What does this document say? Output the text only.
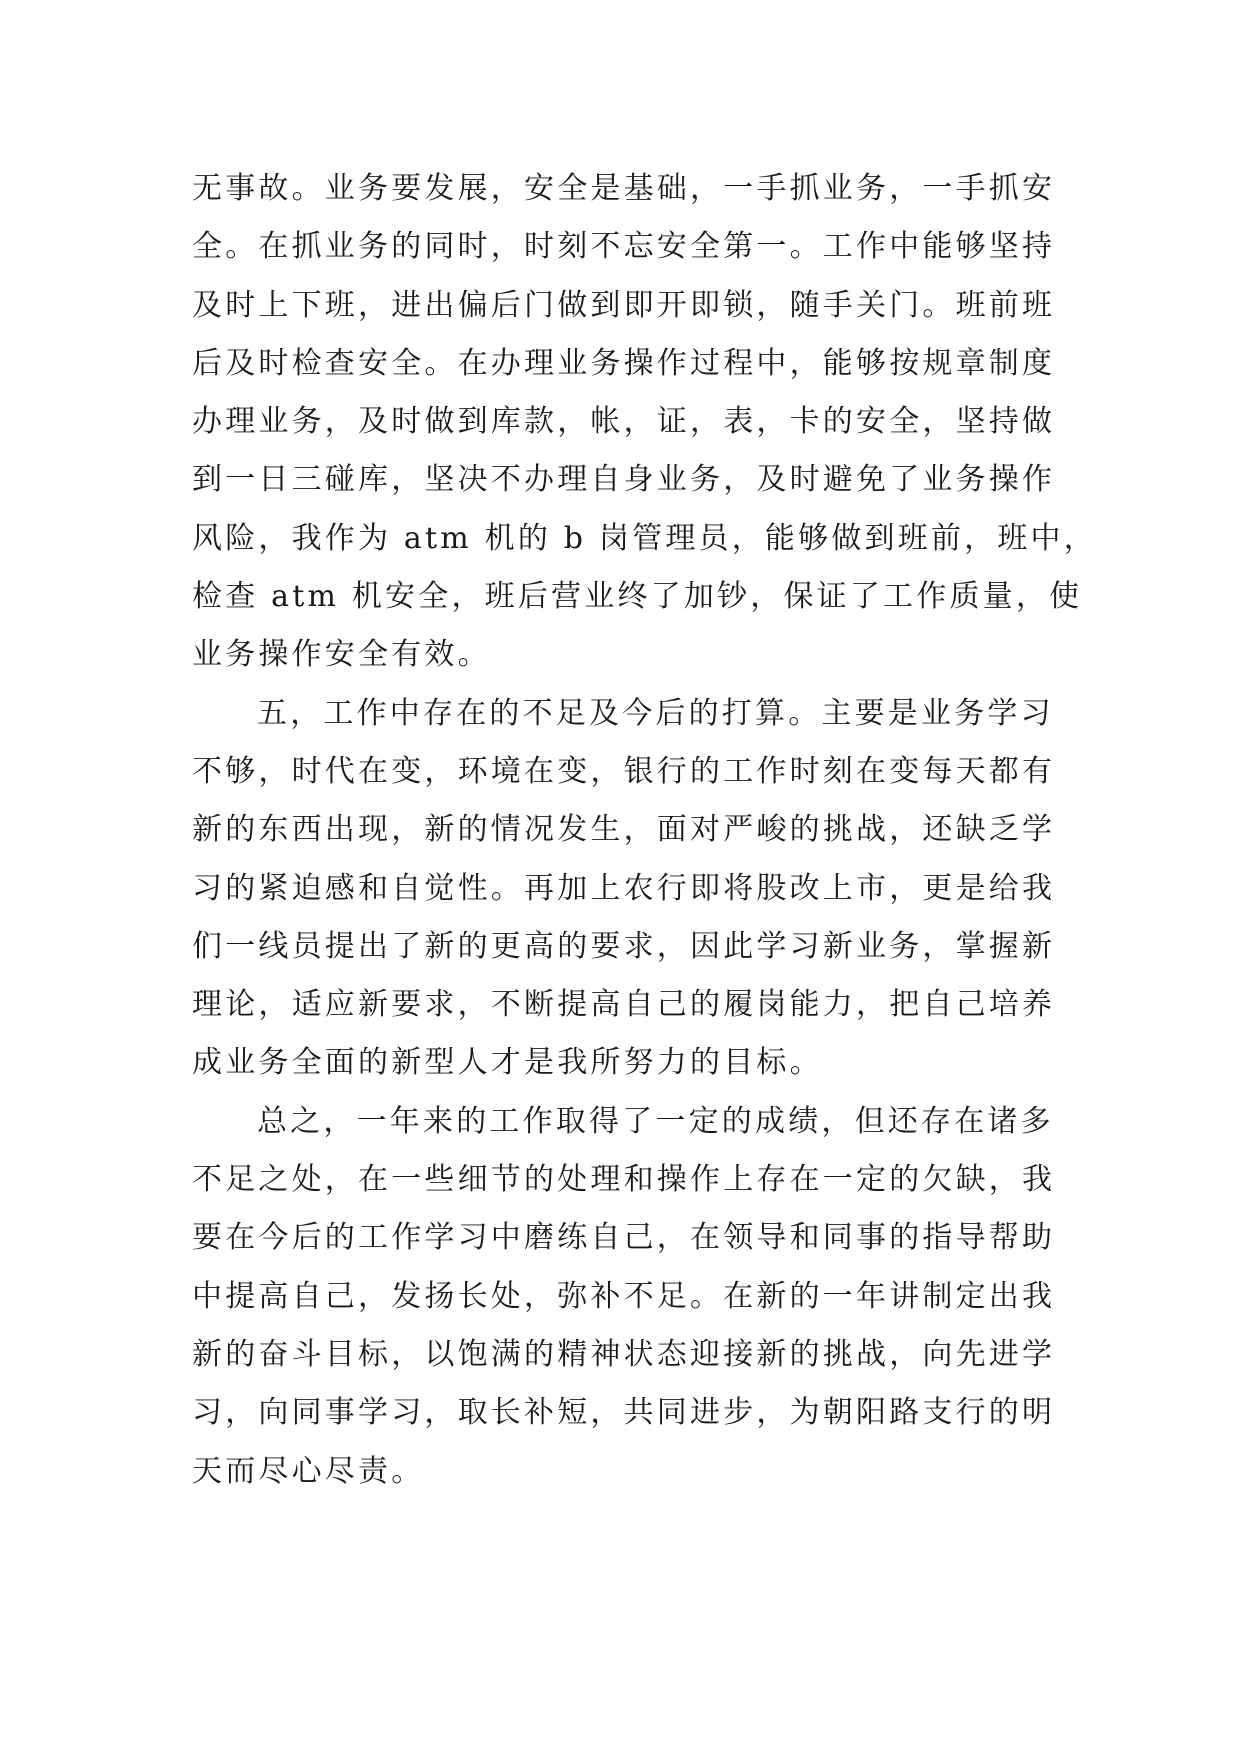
无事故。业务要发展，安全是基础，一手抓业务，一手抓安
全。在抓业务的同时，时刻不忘安全第一。工作中能够坚持
及时上下班，进出偏后门做到即开即锁，随手关门。班前班
后及时检查安全。在办理业务操作过程中，能够按规章制度
办理业务，及时做到库款，帐，证，表，卡的安全，坚持做
到一日三碰库，坚决不办理自身业务，及时避免了业务操作
风险，我作为 atm 机的 b 岗管理员，能够做到班前，班中，
检查 atm 机安全，班后营业终了加钞，保证了工作质量，使
业务操作安全有效。
五，工作中存在的不足及今后的打算。主要是业务学习
不够，时代在变，环境在变，银行的工作时刻在变每天都有
新的东西出现，新的情况发生，面对严峻的挑战，还缺乏学
习的紧迫感和自觉性。再加上农行即将股改上市，更是给我
们一线员提出了新的更高的要求，因此学习新业务，掌握新
理论，适应新要求，不断提高自己的履岗能力，把自己培养
成业务全面的新型人才是我所努力的目标。
总之，一年来的工作取得了一定的成绩，但还存在诸多
不足之处，在一些细节的处理和操作上存在一定的欠缺，我
要在今后的工作学习中磨练自己，在领导和同事的指导帮助
中提高自己，发扬长处，弥补不足。在新的一年讲制定出我
新的奋斗目标，以饱满的精神状态迎接新的挑战，向先进学
习，向同事学习，取长补短，共同进步，为朝阳路支行的明
天而尽心尽责。
